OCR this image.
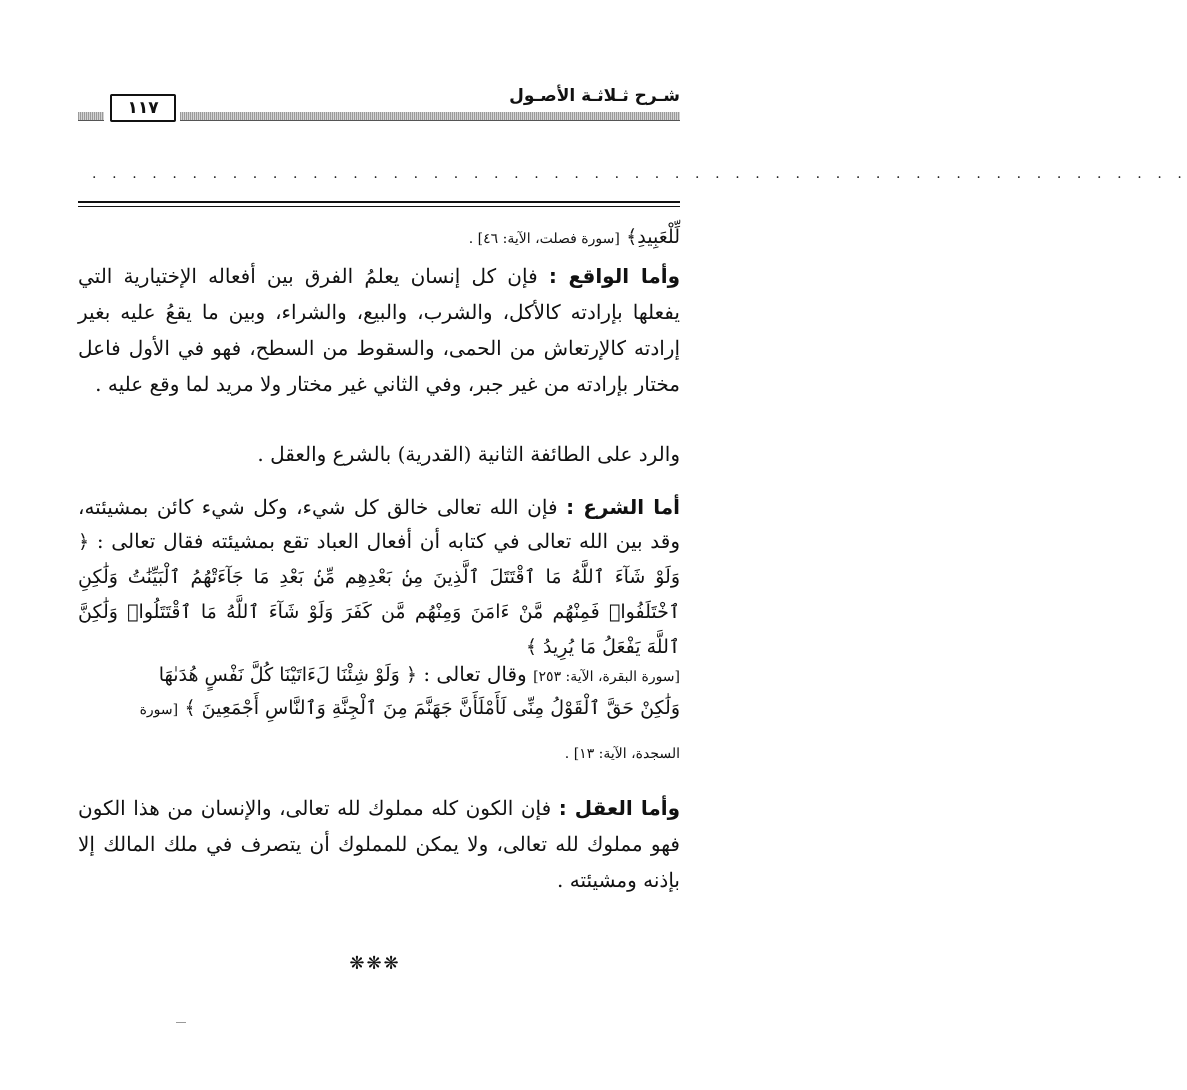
شـرح ثـلاثـة الأصـول
١١٧
. . . . . . . . . . . . . . . . . . . . . . . . . . . . . . . . . . . . . . . . . . . . . . . . . . . . . . .
لِّلْعَبِيدِ﴾ [سورة فصلت، الآية: ٤٦] .

وأما الواقع : فإن كل إنسان يعلمُ الفرق بين أفعاله الإختيارية التي يفعلها بإرادته كالأكل، والشرب، والبيع، والشراء، وبين ما يقعُ عليه بغير إرادته كالإرتعاش من الحمى، والسقوط من السطح، فهو في الأول فاعل مختار بإرادته من غير جبر، وفي الثاني غير مختار ولا مريد لما وقع عليه .

والرد على الطائفة الثانية (القدرية) بالشرع والعقل .

أما الشرع : فإن الله تعالى خالق كل شيء، وكل شيء كائن بمشيئته، وقد بين الله تعالى في كتابه أن أفعال العباد تقع بمشيئته فقال تعالى : ﴿ وَلَوْ شَآءَ ٱللَّهُ مَا ٱقْتَتَلَ ٱلَّذِينَ مِنۢ بَعْدِهِم مِّنۢ بَعْدِ مَا جَآءَتْهُمُ ٱلْبَيِّنَٰتُ وَلَٰكِنِ ٱخْتَلَفُوا۟ فَمِنْهُم مَّنْ ءَامَنَ وَمِنْهُم مَّن كَفَرَ وَلَوْ شَآءَ ٱللَّهُ مَا ٱقْتَتَلُوا۟ وَلَٰكِنَّ ٱللَّهَ يَفْعَلُ مَا يُرِيدُ ﴾

[سورة البقرة، الآية: ٢٥٣] وقال تعالى : ﴿ وَلَوْ شِئْنَا لَءَاتَيْنَا كُلَّ نَفْسٍ هُدَىٰهَا
وَلَٰكِنْ حَقَّ ٱلْقَوْلُ مِنِّى لَأَمْلَأَنَّ جَهَنَّمَ مِنَ ٱلْجِنَّةِ وَٱلنَّاسِ أَجْمَعِينَ ﴾ [سورة
السجدة، الآية: ١٣] .

وأما العقل : فإن الكون كله مملوك لله تعالى، والإنسان من هذا الكون فهو مملوك لله تعالى، ولا يمكن للمملوك أن يتصرف في ملك المالك إلا بإذنه ومشيئته .

❋❋❋
